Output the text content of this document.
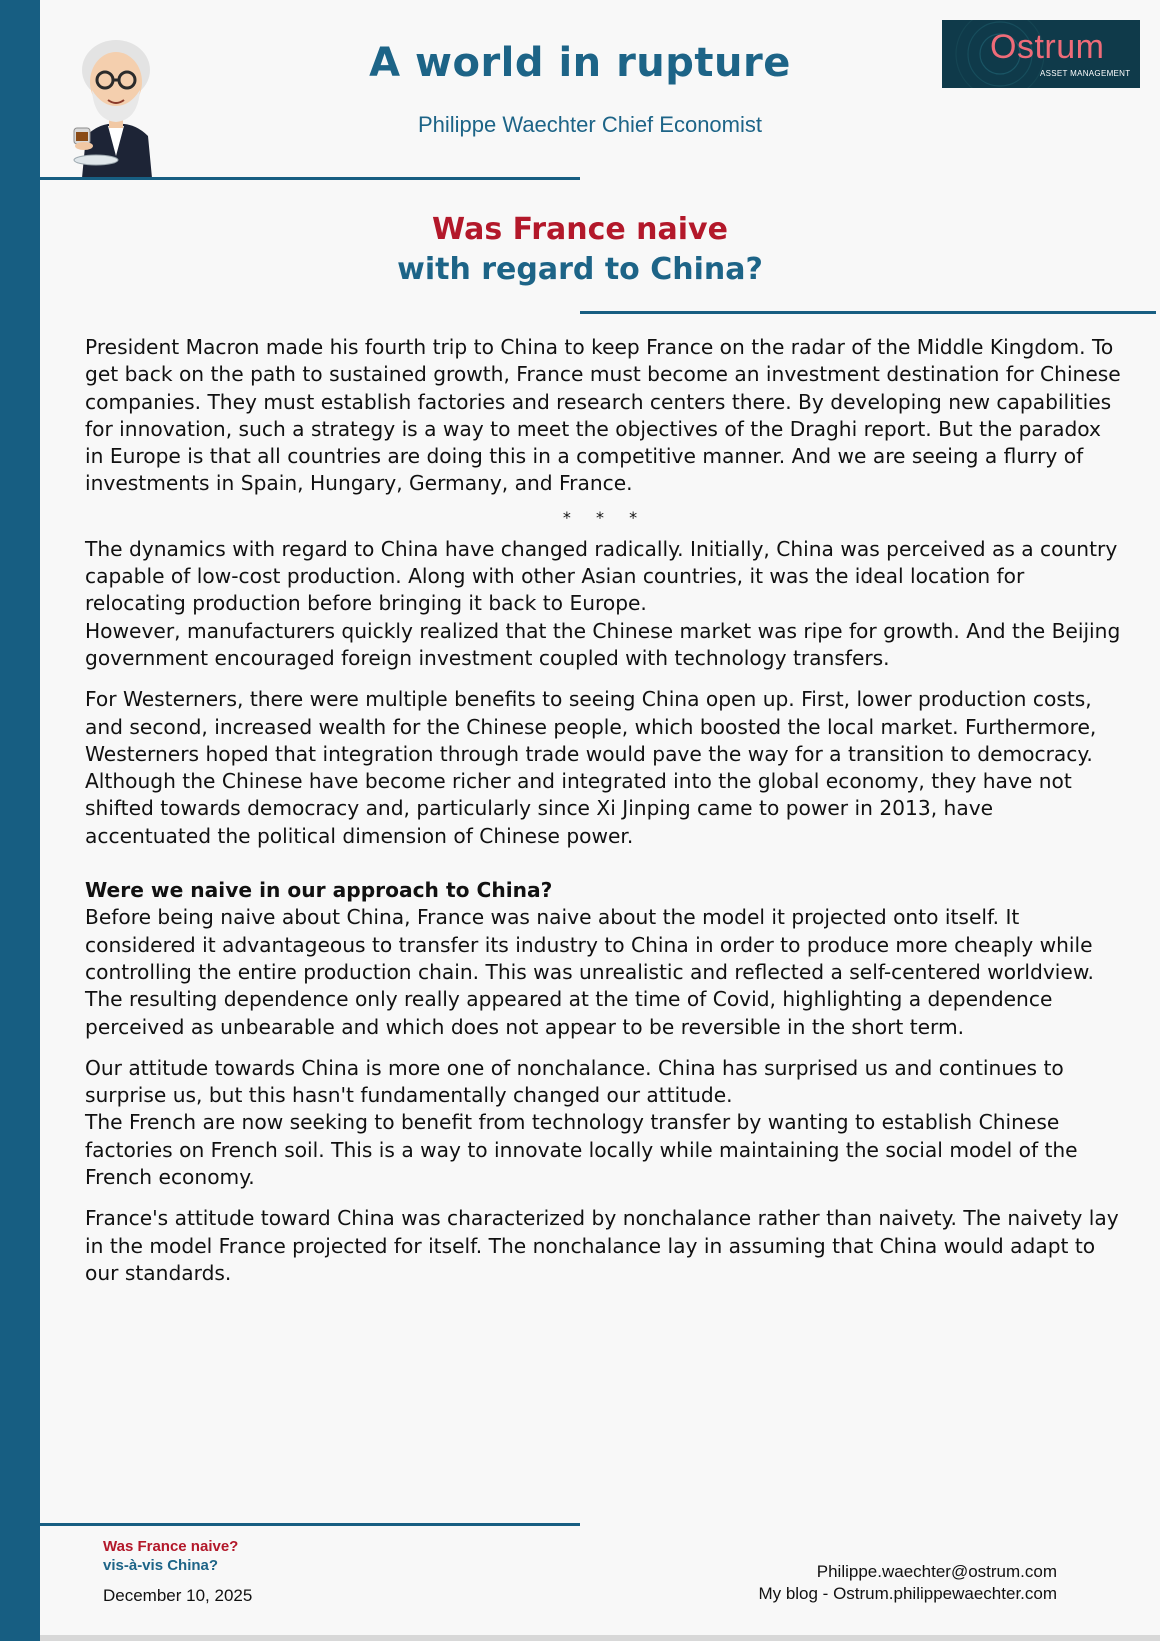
A world in rupture
Philippe Waechter Chief Economist
Ostrum
ASSET MANAGEMENT
Was France naive
with regard to China?

President Macron made his fourth trip to China to keep France on the radar of the Middle Kingdom. To get back on the path to sustained growth, France must become an investment destination for Chinese companies. They must establish factories and research centers there. By developing new capabilities for innovation, such a strategy is a way to meet the objectives of the Draghi report. But the paradox in Europe is that all countries are doing this in a competitive manner. And we are seeing a flurry of investments in Spain, Hungary, Germany, and France.

* * *

The dynamics with regard to China have changed radically. Initially, China was perceived as a country capable of low-cost production. Along with other Asian countries, it was the ideal location for relocating production before bringing it back to Europe.

However, manufacturers quickly realized that the Chinese market was ripe for growth. And the Beijing government encouraged foreign investment coupled with technology transfers.

For Westerners, there were multiple benefits to seeing China open up. First, lower production costs, and second, increased wealth for the Chinese people, which boosted the local market. Furthermore, Westerners hoped that integration through trade would pave the way for a transition to democracy.

Although the Chinese have become richer and integrated into the global economy, they have not shifted towards democracy and, particularly since Xi Jinping came to power in 2013, have accentuated the political dimension of Chinese power.

Were we naive in our approach to China?

Before being naive about China, France was naive about the model it projected onto itself. It considered it advantageous to transfer its industry to China in order to produce more cheaply while controlling the entire production chain. This was unrealistic and reflected a self-centered worldview.

The resulting dependence only really appeared at the time of Covid, highlighting a dependence perceived as unbearable and which does not appear to be reversible in the short term.

Our attitude towards China is more one of nonchalance. China has surprised us and continues to surprise us, but this hasn't fundamentally changed our attitude.

The French are now seeking to benefit from technology transfer by wanting to establish Chinese factories on French soil. This is a way to innovate locally while maintaining the social model of the French economy.

France's attitude toward China was characterized by nonchalance rather than naivety. The naivety lay in the model France projected for itself. The nonchalance lay in assuming that China would adapt to our standards.

Was France naive?
vis-à-vis China?
December 10, 2025
Philippe.waechter@ostrum.com
My blog - Ostrum.philippewaechter.com
